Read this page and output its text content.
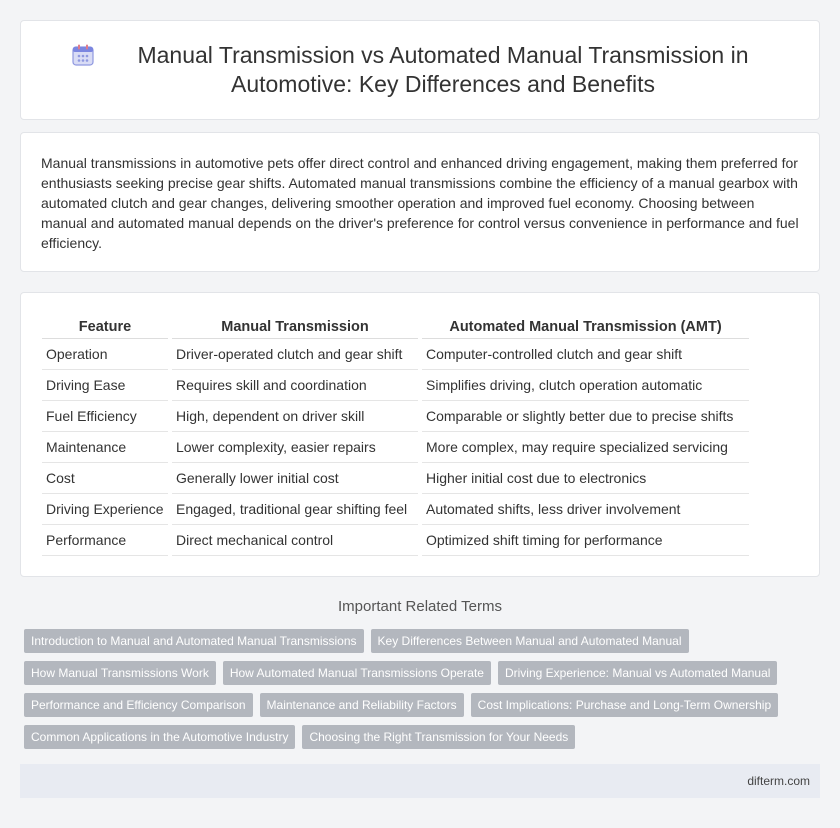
Manual Transmission vs Automated Manual Transmission in Automotive: Key Differences and Benefits

Manual transmissions in automotive pets offer direct control and enhanced driving engagement, making them preferred for enthusiasts seeking precise gear shifts. Automated manual transmissions combine the efficiency of a manual gearbox with automated clutch and gear changes, delivering smoother operation and improved fuel economy. Choosing between manual and automated manual depends on the driver's preference for control versus convenience in performance and fuel efficiency.

Feature	Manual Transmission	Automated Manual Transmission (AMT)
Operation	Driver-operated clutch and gear shift	Computer-controlled clutch and gear shift
Driving Ease	Requires skill and coordination	Simplifies driving, clutch operation automatic
Fuel Efficiency	High, dependent on driver skill	Comparable or slightly better due to precise shifts
Maintenance	Lower complexity, easier repairs	More complex, may require specialized servicing
Cost	Generally lower initial cost	Higher initial cost due to electronics
Driving Experience	Engaged, traditional gear shifting feel	Automated shifts, less driver involvement
Performance	Direct mechanical control	Optimized shift timing for performance
Important Related Terms
Introduction to Manual and Automated Manual Transmissions	Key Differences Between Manual and Automated Manual
How Manual Transmissions Work	How Automated Manual Transmissions Operate	Driving Experience: Manual vs Automated Manual
Performance and Efficiency Comparison	Maintenance and Reliability Factors	Cost Implications: Purchase and Long-Term Ownership
Common Applications in the Automotive Industry	Choosing the Right Transmission for Your Needs
difterm.com
